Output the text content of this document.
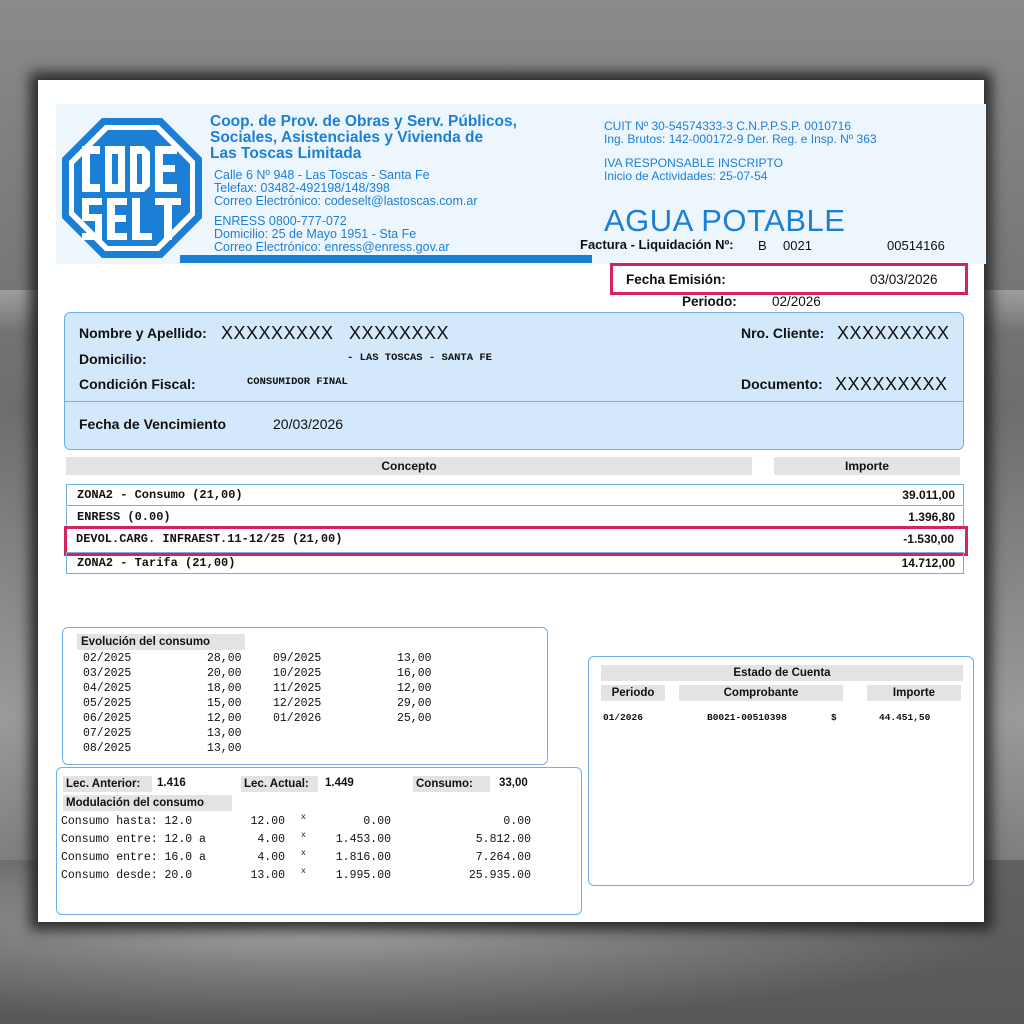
Coop. de Prov. de Obras y Serv. Públicos,
Sociales, Asistenciales y Vivienda de
Las Toscas Limitada
Calle 6 Nº 948 - Las Toscas - Santa Fe
Telefax: 03482-492198/148/398
Correo Electrónico: codeselt@lastoscas.com.ar
ENRESS 0800-777-072
Domicilio: 25 de Mayo 1951 - Sta Fe
Correo Electrónico: enress@enress.gov.ar
CUIT Nº 30-54574333-3 C.N.P.P.S.P. 0010716
Ing. Brutos: 142-000172-9 Der. Reg. e Insp. Nº 363
IVA RESPONSABLE INSCRIPTO
Inicio de Actividades: 25-07-54
AGUA POTABLE
Factura - Liquidación Nº: B 0021	00514166
Fecha Emisión:	03/03/2026
Periodo:	02/2026
Nombre y Apellido: XXXXXXXXX XXXXXXXX	Nro. Cliente: XXXXXXXXX
Domicilio:	- LAS TOSCAS - SANTA FE
Condición Fiscal:	CONSUMIDOR FINAL	Documento: XXXXXXXXX
Fecha de Vencimiento	20/03/2026
Concepto	Importe
ZONA2 - Consumo (21,00)	39.011,00
ENRESS (0.00)	1.396,80
DEVOL.CARG. INFRAEST.11-12/25 (21,00)	-1.530,00
ZONA2 - Tarifa (21,00)	14.712,00
Evolución del consumo
02/2025	28,00	09/2025	13,00
03/2025	20,00	10/2025	16,00
04/2025	18,00	11/2025	12,00
05/2025	15,00	12/2025	29,00
06/2025	12,00	01/2026	25,00
07/2025	13,00
08/2025	13,00
Lec. Anterior:	1.416	Lec. Actual:	1.449	Consumo:	33,00
Modulación del consumo
Consumo hasta: 12.0	12.00 x	0.00	0.00
Consumo entre: 12.0 a	4.00 x	1.453.00	5.812.00
Consumo entre: 16.0 a	4.00 x	1.816.00	7.264.00
Consumo desde: 20.0	13.00 x	1.995.00	25.935.00
Estado de Cuenta
Periodo	Comprobante	Importe
01/2026	B0021-00510398	$	44.451,50
